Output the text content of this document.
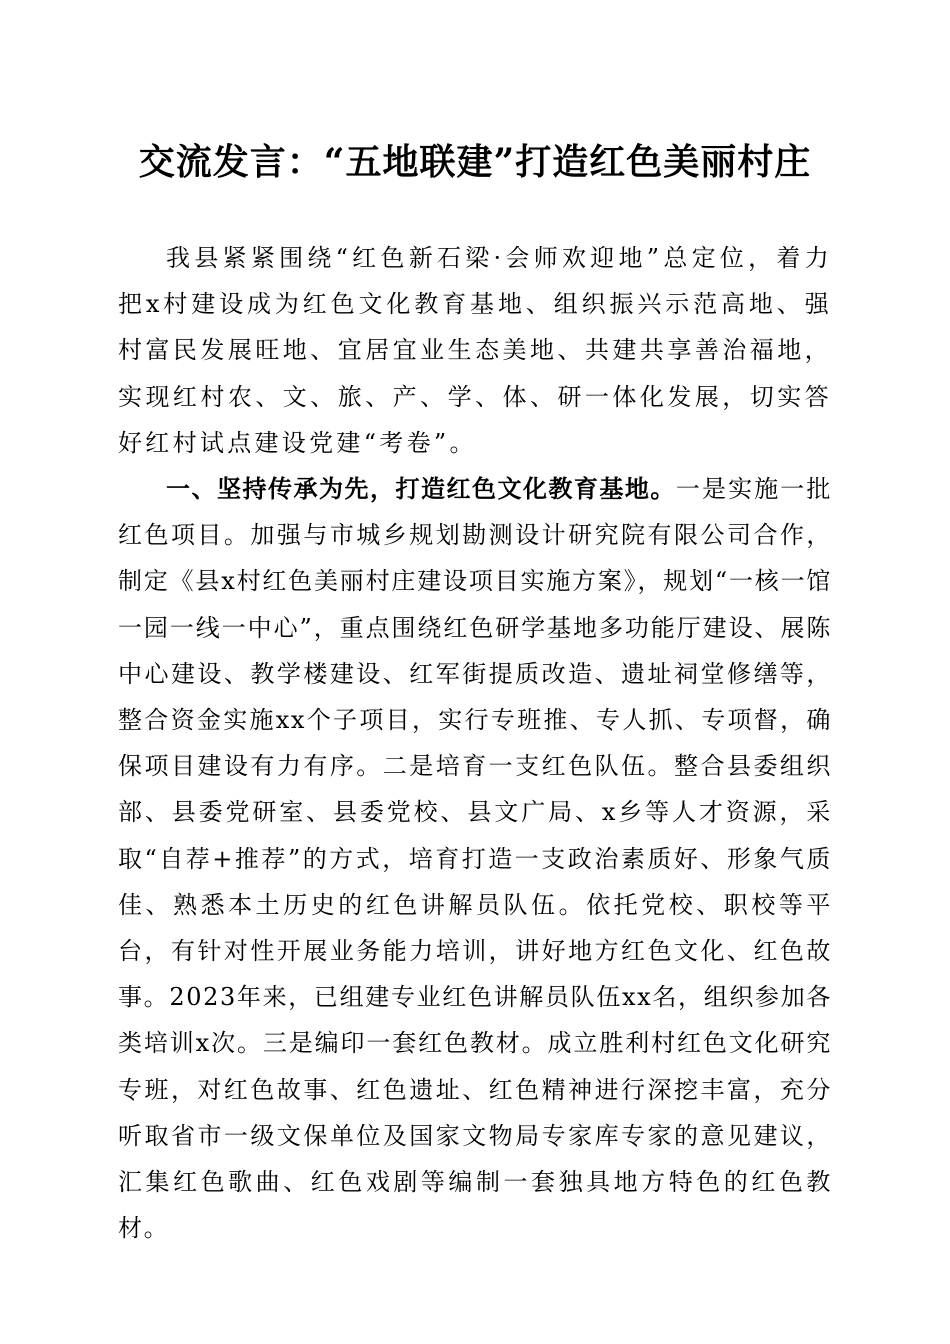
交流发言：“五地联建”打造红色美丽村庄

我县紧紧围绕“红色新石梁·会师欢迎地”总定位，着力把x村建设成为红色文化教育基地、组织振兴示范高地、强村富民发展旺地、宜居宜业生态美地、共建共享善治福地，实现红村农、文、旅、产、学、体、研一体化发展，切实答好红村试点建设党建“考卷”。

一、坚持传承为先，打造红色文化教育基地。一是实施一批红色项目。加强与市城乡规划勘测设计研究院有限公司合作，制定《县x村红色美丽村庄建设项目实施方案》，规划“一核一馆一园一线一中心”，重点围绕红色研学基地多功能厅建设、展陈中心建设、教学楼建设、红军街提质改造、遗址祠堂修缮等，整合资金实施xx个子项目，实行专班推、专人抓、专项督，确保项目建设有力有序。二是培育一支红色队伍。整合县委组织部、县委党研室、县委党校、县文广局、x乡等人才资源，采取“自荐+推荐”的方式，培育打造一支政治素质好、形象气质佳、熟悉本土历史的红色讲解员队伍。依托党校、职校等平台，有针对性开展业务能力培训，讲好地方红色文化、红色故事。2023年来，已组建专业红色讲解员队伍xx名，组织参加各类培训x次。三是编印一套红色教材。成立胜利村红色文化研究专班，对红色故事、红色遗址、红色精神进行深挖丰富，充分听取省市一级文保单位及国家文物局专家库专家的意见建议，汇集红色歌曲、红色戏剧等编制一套独具地方特色的红色教材。
